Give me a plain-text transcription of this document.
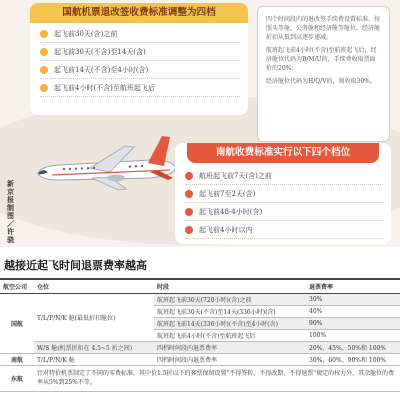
国航机票退改签收费标准调整为四档
起飞前30天(含)之前
起飞前30天(不含)至14天(含)
起飞前14天(不含)至4小时(含)
起飞前4小时(不含)至航班起飞后

四个时间段内的退改签手续费设置标准，按照头等舱、公务舱和经济舱等舱位，经济舱折扣从低到高逐步递减。

航班起飞前4小时(不含)至航班起飞后，经济舱位代码为B/M/U的，手续费收取票面价的20%；

经济舱位代码为H/Q/V的，则收取30%。

新京报制图／许骁
南航收费标准实行以下四个档位
航班起飞前7天(含)之前
起飞前7至2天(含)
起飞前48-4小时(含)
起飞前4小时以内
越接近起飞时间退票费率越高
航空公司	仓位	时段	退票费率
国航	T/L/P/N/K 舱(最低折扣舱位)	航班起飞前30天(720小时)(含)之前	30%
		航班起飞前30天(不含)至14天(336小时)(含)	40%
		航班起飞前14天(336小时)(不含)至4小时(含)	90%
		航班起飞前4小时(不含)至航班起飞后	100%
	W/S 舱(机票折扣在 4.5~5 折之间)	四档时间段内退票费率	20%、45%、50%和 100%
南航	T/L/P/N/K 舱	四档时间段内退票费率	30%、60%、90%和 100%
东航	针对特价机票制定了不同的零费标准，其中价1.5折以下的客票保留设置"不得签转、不得改期、不得退票"规定的权力外，其余舱位的费率从5%到25%不等。		
